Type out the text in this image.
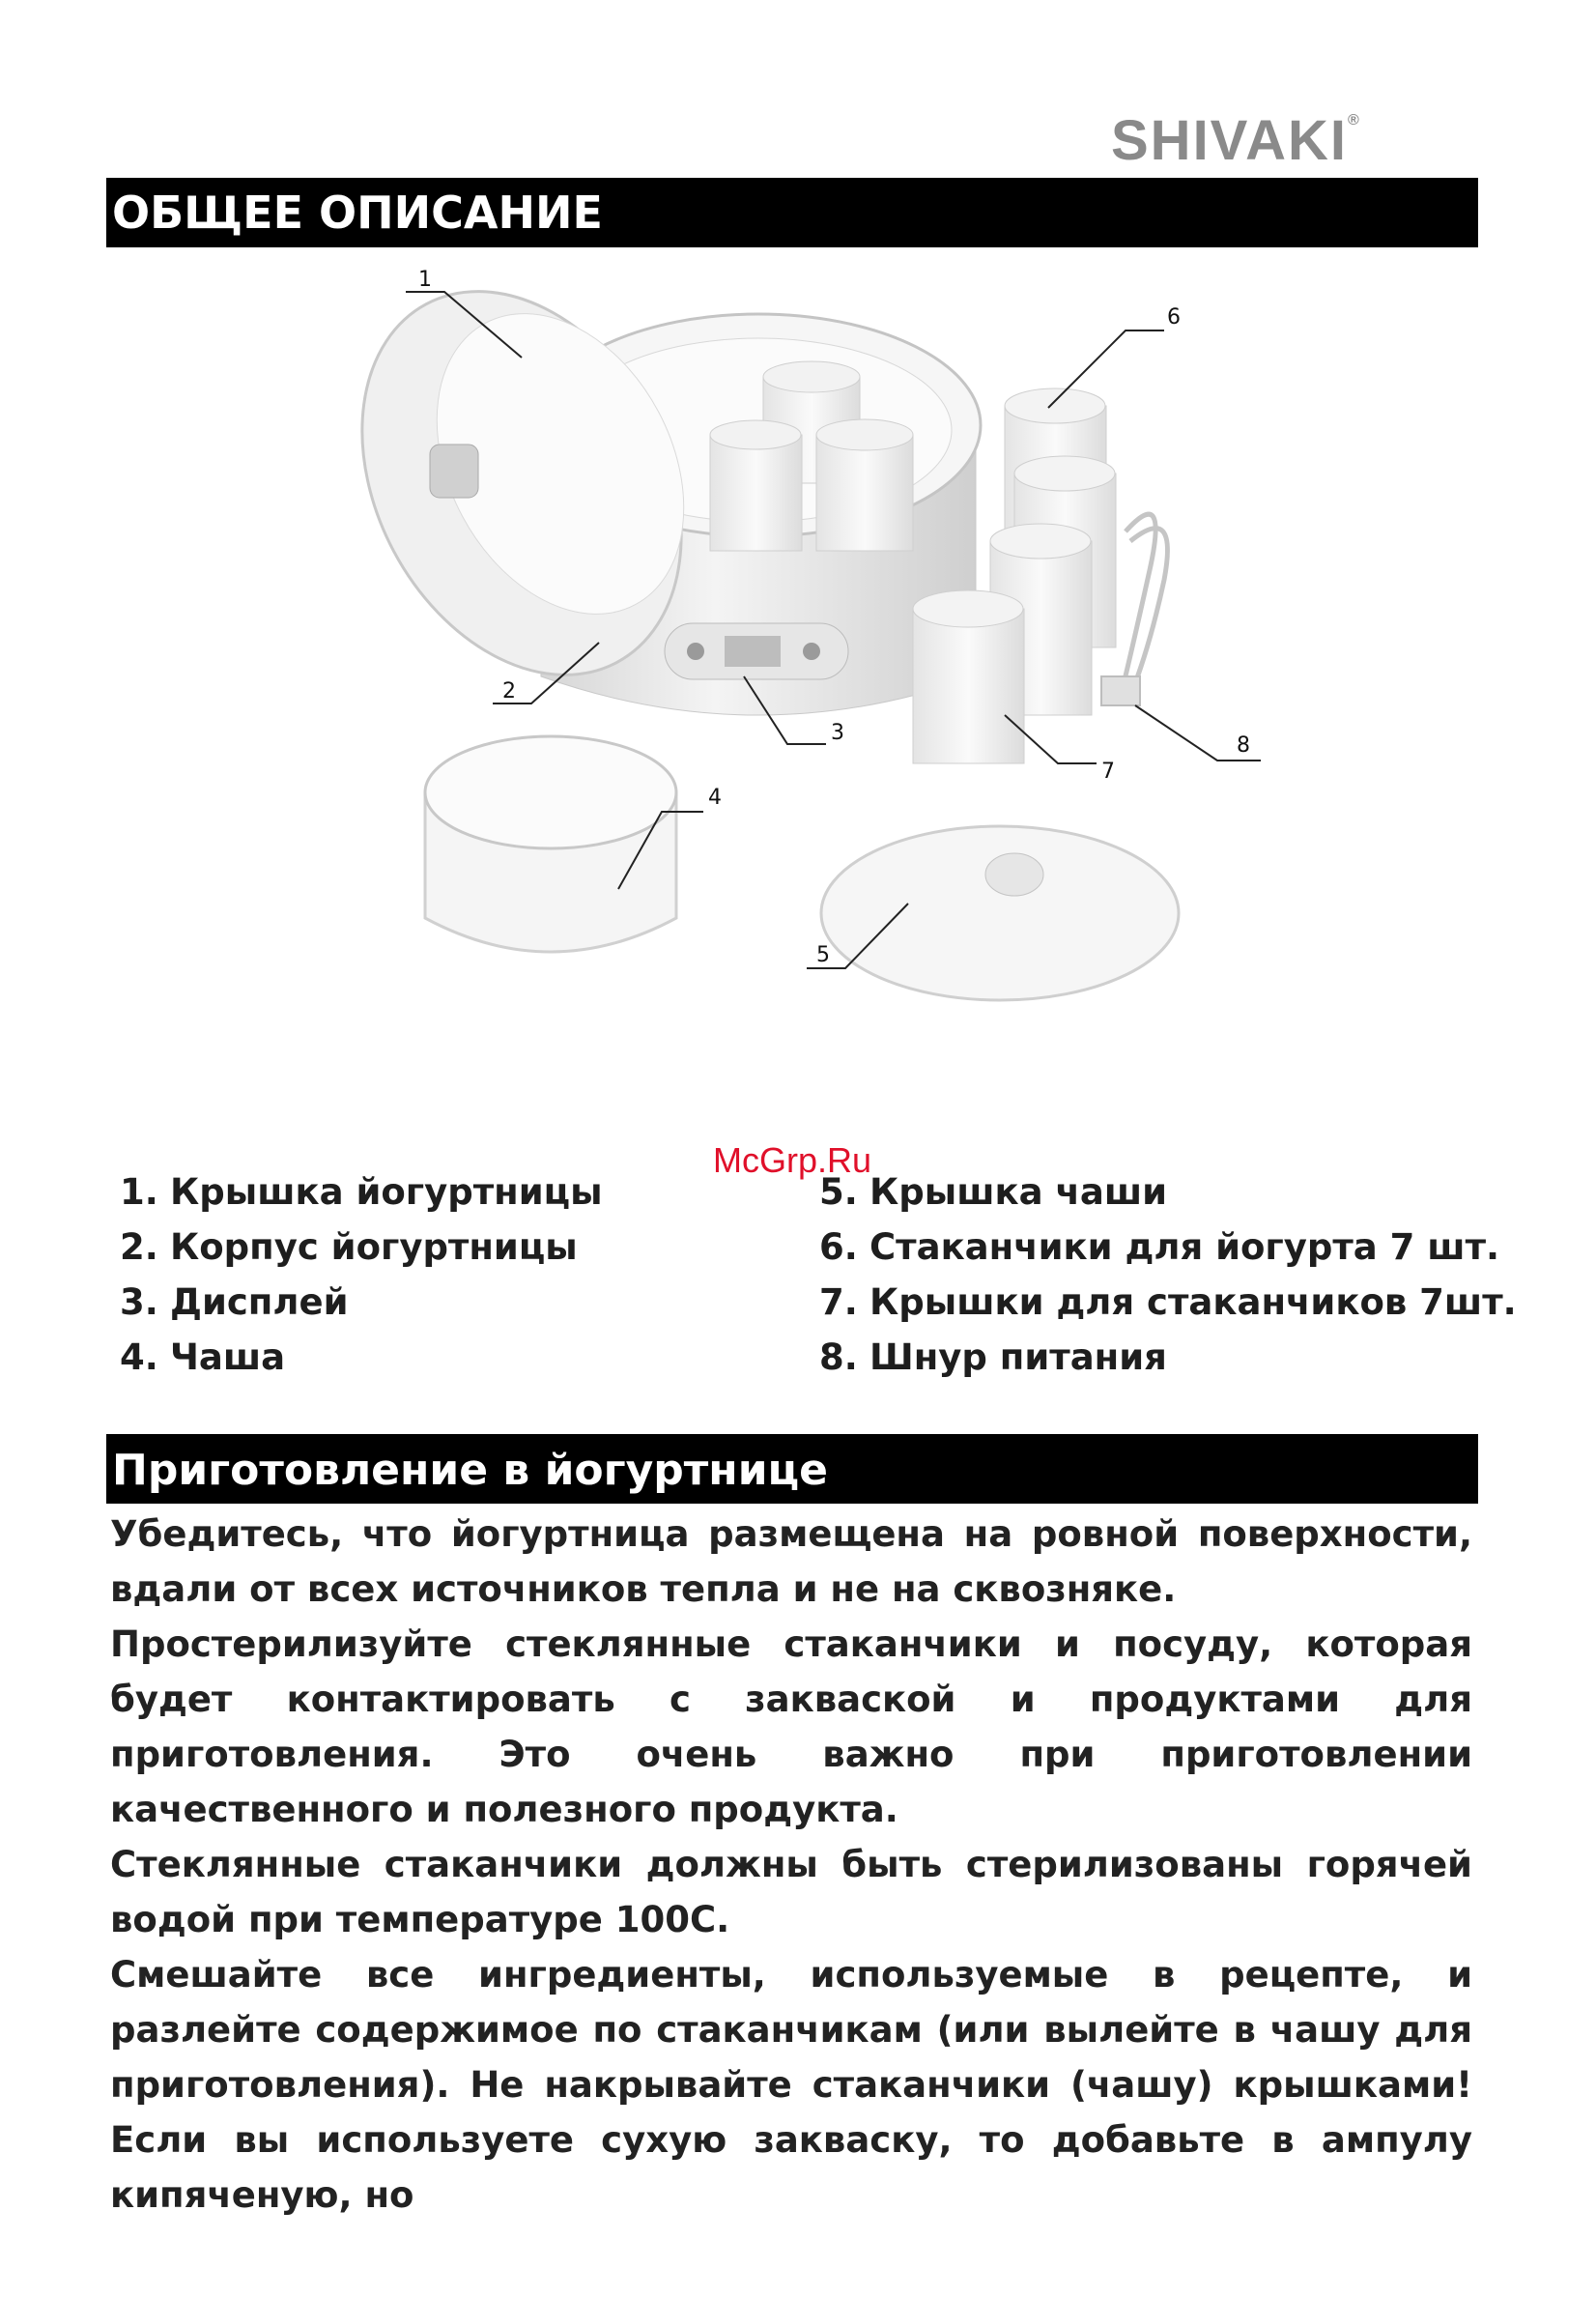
SHIVAKI®
ОБЩЕЕ ОПИСАНИЕ
1
2
3
4
5
6
7
8
McGrp.Ru
1. Крышка йогуртницы
2. Корпус йогуртницы
3. Дисплей
4. Чаша
5. Крышка чаши
6. Стаканчики для йогурта 7 шт.
7. Крышки для стаканчиков 7шт.
8. Шнур питания
Приготовление в йогуртнице

Убедитесь, что йогуртница размещена на ровной поверхности, вдали от всех источников тепла и не на сквозняке.

Простерилизуйте стеклянные стаканчики и посуду, которая будет контактировать с закваской и продуктами для приготовления. Это очень важно при приготовлении качественного и полезного продукта.

Стеклянные стаканчики должны быть стерилизованы горячей водой при температуре 100С.

Смешайте все ингредиенты, используемые в рецепте, и разлейте содержимое по стаканчикам (или вылейте в чашу для приготовления). Не накрывайте стаканчики (чашу) крышками! Если вы используете сухую закваску, то добавьте в ампулу кипяченую, но
